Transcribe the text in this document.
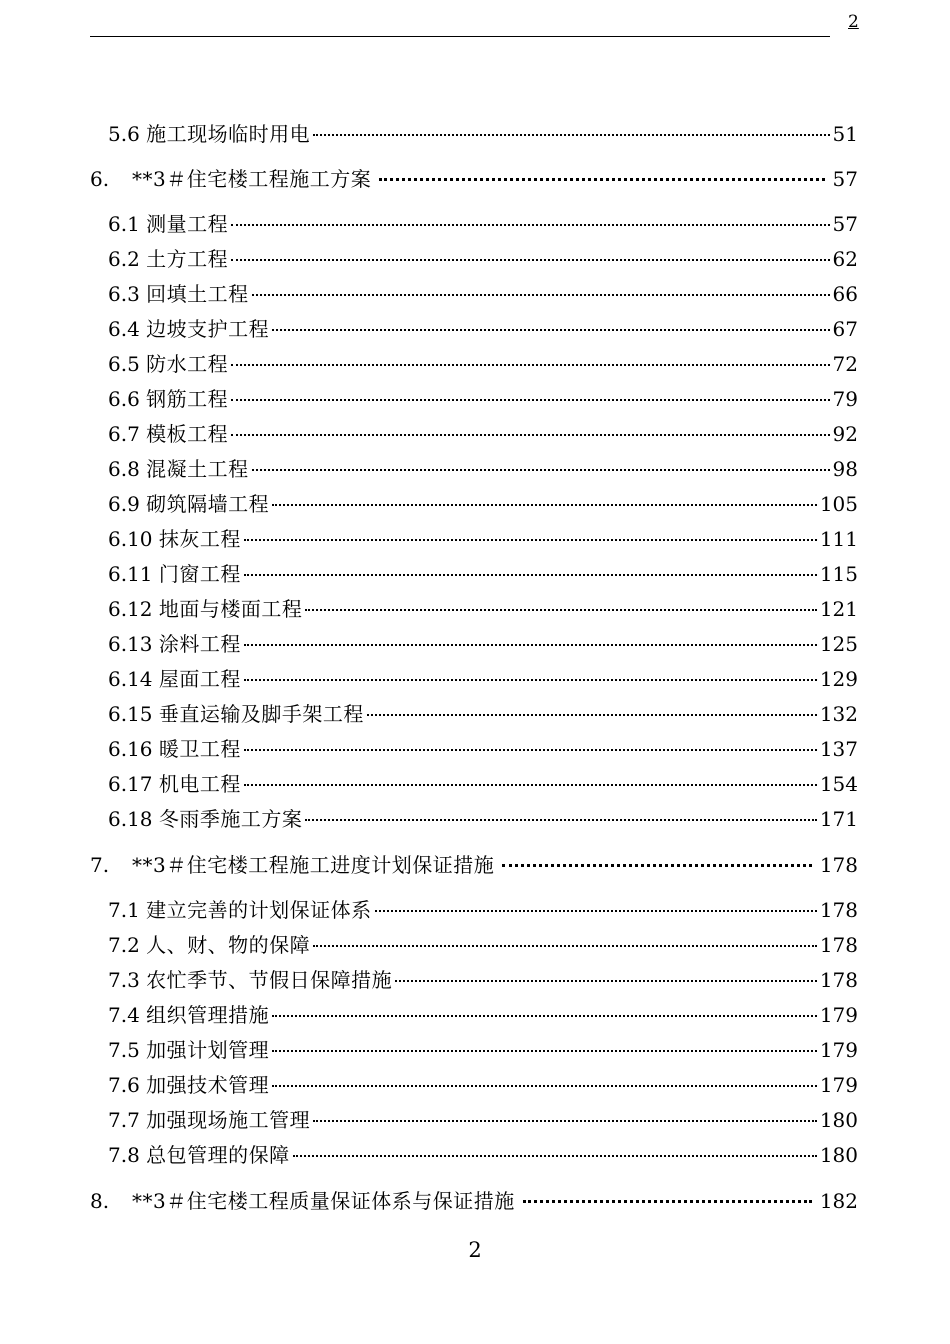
2
5.6 施工现场临时用电	51
6. **3＃住宅楼工程施工方案	57
6.1 测量工程	57
6.2 土方工程	62
6.3 回填土工程	66
6.4 边坡支护工程	67
6.5 防水工程	72
6.6 钢筋工程	79
6.7 模板工程	92
6.8 混凝土工程	98
6.9 砌筑隔墙工程	105
6.10 抹灰工程	111
6.11 门窗工程	115
6.12 地面与楼面工程	121
6.13 涂料工程	125
6.14 屋面工程	129
6.15 垂直运输及脚手架工程	132
6.16 暖卫工程	137
6.17 机电工程	154
6.18 冬雨季施工方案	171
7. **3＃住宅楼工程施工进度计划保证措施	178
7.1 建立完善的计划保证体系	178
7.2 人、财、物的保障	178
7.3 农忙季节、节假日保障措施	178
7.4 组织管理措施	179
7.5 加强计划管理	179
7.6 加强技术管理	179
7.7 加强现场施工管理	180
7.8 总包管理的保障	180
8. **3＃住宅楼工程质量保证体系与保证措施	182
2
